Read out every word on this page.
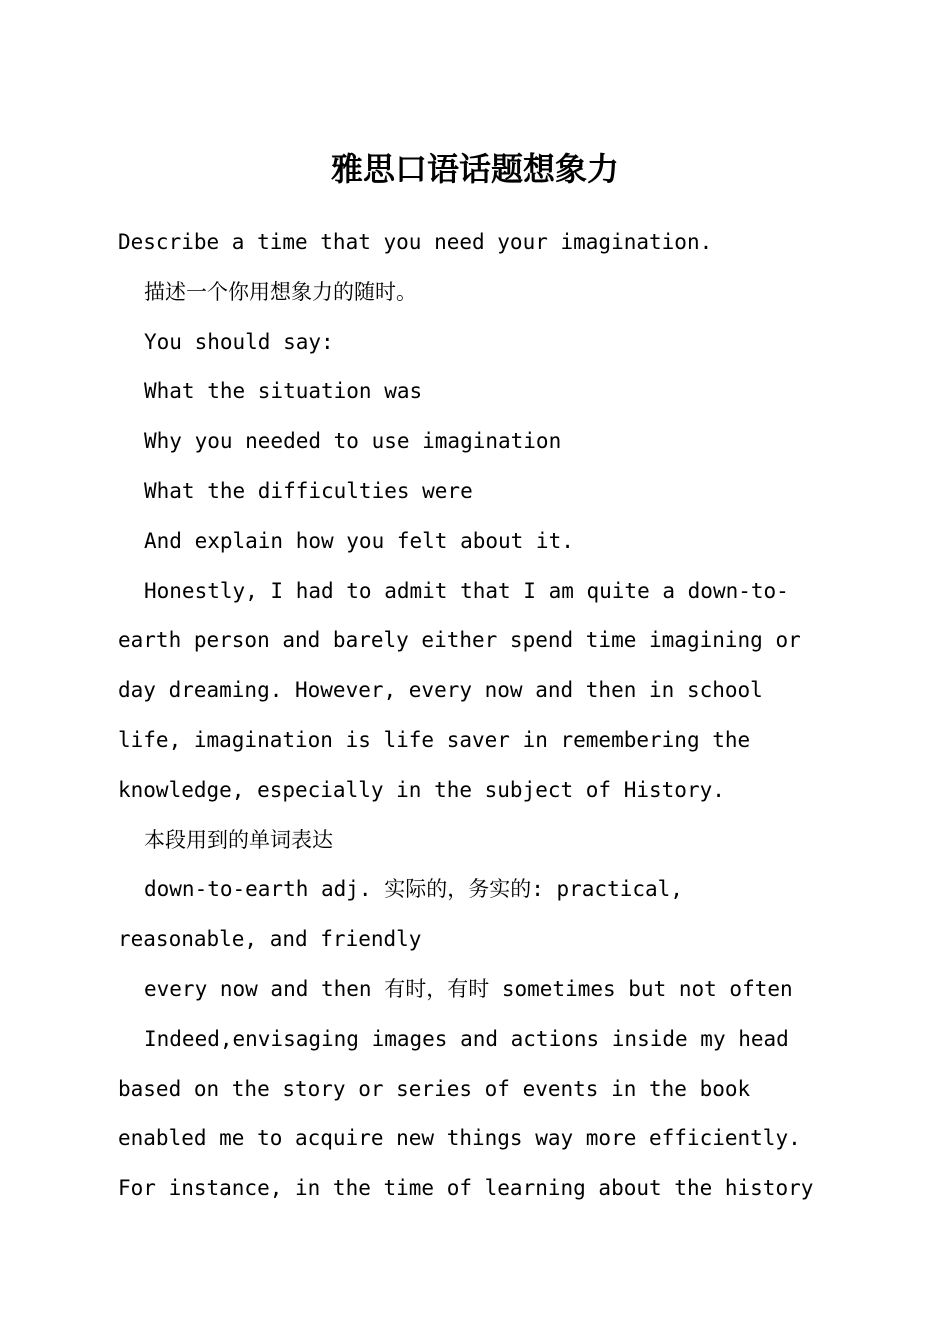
雅思口语话题想象力

Describe a time that you need your imagination.

描述一个你用想象力的随时。

You should say:

What the situation was

Why you needed to use imagination

What the difficulties were

And explain how you felt about it.

Honestly, I had to admit that I am quite a down-to-earth person and barely either spend time imagining or day dreaming. However, every now and then in school life, imagination is life saver in remembering the knowledge, especially in the subject of History.

本段用到的单词表达

down-to-earth adj. 实际的，务实的: practical, reasonable, and friendly

every now and then 有时，有时 sometimes but not often

Indeed,envisaging images and actions inside my head based on the story or series of events in the book enabled me to acquire new things way more efficiently. For instance, in the time of learning about the history
